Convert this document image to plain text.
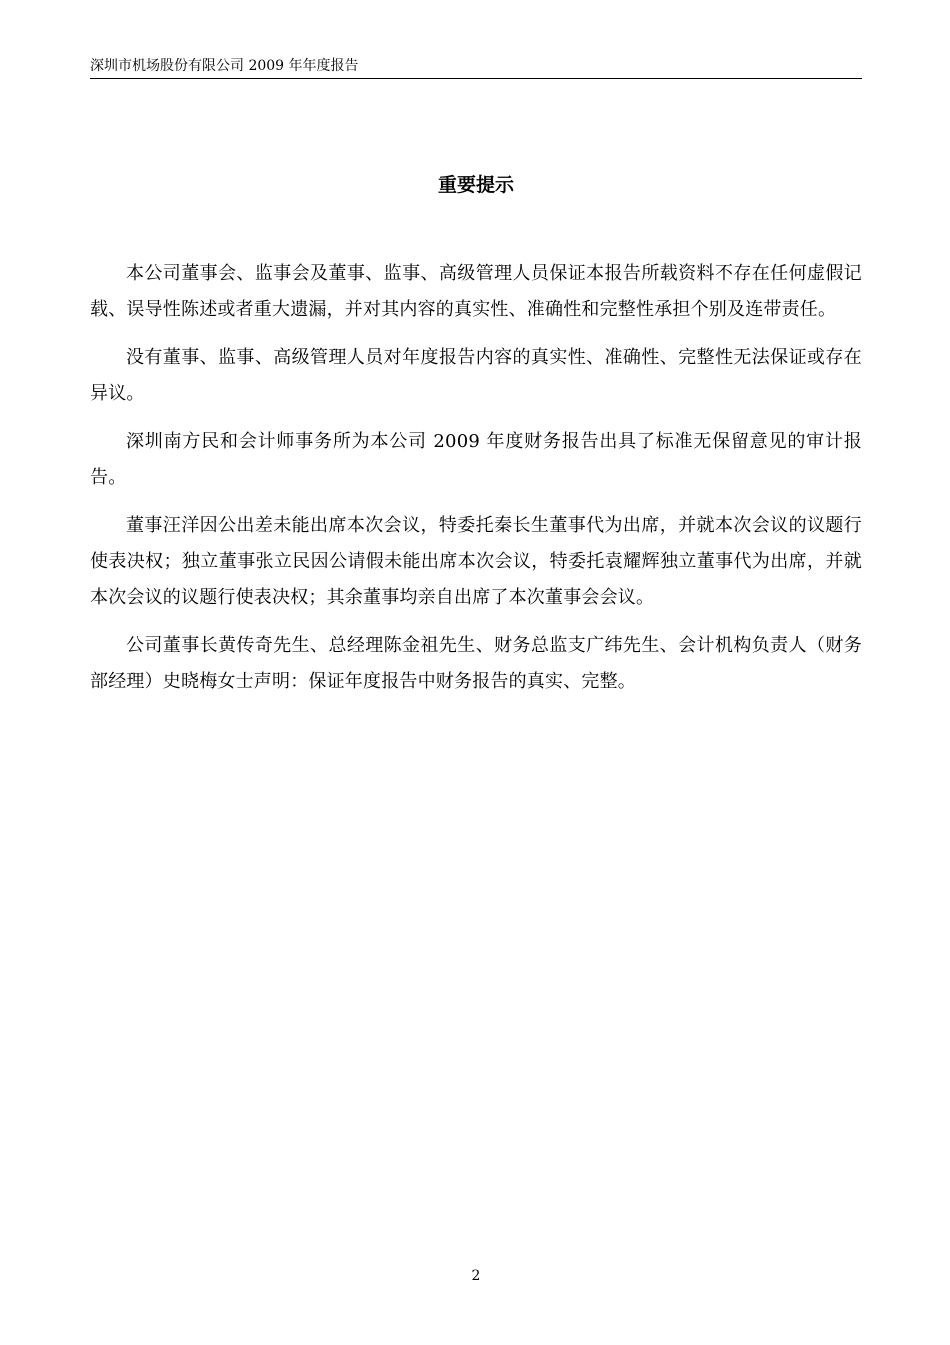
深圳市机场股份有限公司 2009 年年度报告
重要提示

本公司董事会、监事会及董事、监事、高级管理人员保证本报告所载资料不存在任何虚假记载、误导性陈述或者重大遗漏，并对其内容的真实性、准确性和完整性承担个别及连带责任。

没有董事、监事、高级管理人员对年度报告内容的真实性、准确性、完整性无法保证或存在异议。

深圳南方民和会计师事务所为本公司 2009 年度财务报告出具了标准无保留意见的审计报告。

董事汪洋因公出差未能出席本次会议，特委托秦长生董事代为出席，并就本次会议的议题行使表决权；独立董事张立民因公请假未能出席本次会议，特委托袁耀辉独立董事代为出席，并就本次会议的议题行使表决权；其余董事均亲自出席了本次董事会会议。

公司董事长黄传奇先生、总经理陈金祖先生、财务总监支广纬先生、会计机构负责人（财务部经理）史晓梅女士声明：保证年度报告中财务报告的真实、完整。

2
